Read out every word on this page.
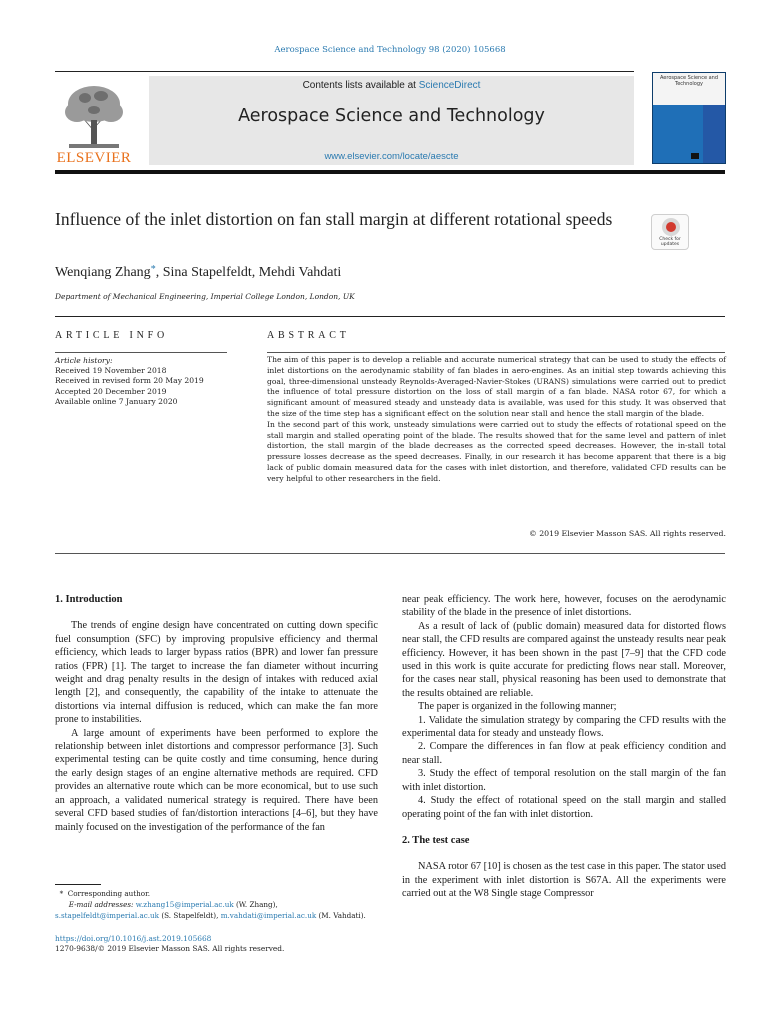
Aerospace Science and Technology 98 (2020) 105668
ELSEVIER
Contents lists available at ScienceDirect
Aerospace Science and Technology
www.elsevier.com/locate/aescte
Aerospace Science and Technology
Influence of the inlet distortion on fan stall margin at different rotational speeds
Check for updates
Wenqiang Zhang*, Sina Stapelfeldt, Mehdi Vahdati
Department of Mechanical Engineering, Imperial College London, London, UK
ARTICLE INFO	ABSTRACT
Article history:
Received 19 November 2018
Received in revised form 20 May 2019
Accepted 20 December 2019
Available online 7 January 2020

The aim of this paper is to develop a reliable and accurate numerical strategy that can be used to study the effects of inlet distortions on the aerodynamic stability of fan blades in aero-engines. As an initial step towards achieving this goal, three-dimensional unsteady Reynolds-Averaged-Navier-Stokes (URANS) simulations were carried out to predict the influence of total pressure distortion on the loss of stall margin of a fan blade. NASA rotor 67, for which a significant amount of measured steady and unsteady data is available, was used for this study. It was observed that the size of the time step has a significant effect on the solution near stall and hence the stall margin of the blade.

In the second part of this work, unsteady simulations were carried out to study the effects of rotational speed on the stall margin and stalled operating point of the blade. The results showed that for the same level and pattern of inlet distortion, the stall margin of the blade decreases as the corrected speed decreases. However, the in-stall total pressure losses decrease as the speed decreases. Finally, in our research it has become apparent that there is a big lack of public domain measured data for the cases with inlet distortion, and therefore, validated CFD results can be very helpful to other researchers in the field.

© 2019 Elsevier Masson SAS. All rights reserved.
1. Introduction

The trends of engine design have concentrated on cutting down specific fuel consumption (SFC) by improving propulsive efficiency and thermal efficiency, which leads to larger bypass ratios (BPR) and lower fan pressure ratios (FPR) [1]. The target to increase the fan diameter without incurring weight and drag penalty results in the design of intakes with reduced axial length [2], and consequently, the capability of the intake to attenuate the distortions via internal diffusion is reduced, which can make the fan more prone to instabilities.

A large amount of experiments have been performed to explore the relationship between inlet distortions and compressor performance [3]. Such experimental testing can be quite costly and time consuming, hence during the early design stages of an engine alternative methods are required. CFD provides an alternative route which can be more economical, but to use such an approach, a validated numerical strategy is required. There have been several CFD based studies of fan/distortion interactions [4–6], but they have mainly focused on the investigation of the performance of the fan

near peak efficiency. The work here, however, focuses on the aerodynamic stability of the blade in the presence of inlet distortions.

As a result of lack of (public domain) measured data for distorted flows near stall, the CFD results are compared against the unsteady results near peak efficiency. However, it has been shown in the past [7–9] that the CFD code used in this work is quite accurate for predicting flows near stall. Moreover, for the cases near stall, physical reasoning has been used to demonstrate that the results obtained are reliable.

The paper is organized in the following manner;

1. Validate the simulation strategy by comparing the CFD results with the experimental data for steady and unsteady flows.

2. Compare the differences in fan flow at peak efficiency condition and near stall.

3. Study the effect of temporal resolution on the stall margin of the fan with inlet distortion.

4. Study the effect of rotational speed on the stall margin and stalled operating point of the fan with inlet distortion.

2. The test case

NASA rotor 67 [10] is chosen as the test case in this paper. The stator used in the experiment with inlet distortion is S67A. All the experiments were carried out at the W8 Single stage Compressor

*  Corresponding author.
E-mail addresses: w.zhang15@imperial.ac.uk (W. Zhang),
s.stapelfeldt@imperial.ac.uk (S. Stapelfeldt), m.vahdati@imperial.ac.uk (M. Vahdati).
https://doi.org/10.1016/j.ast.2019.105668
1270-9638/© 2019 Elsevier Masson SAS. All rights reserved.
